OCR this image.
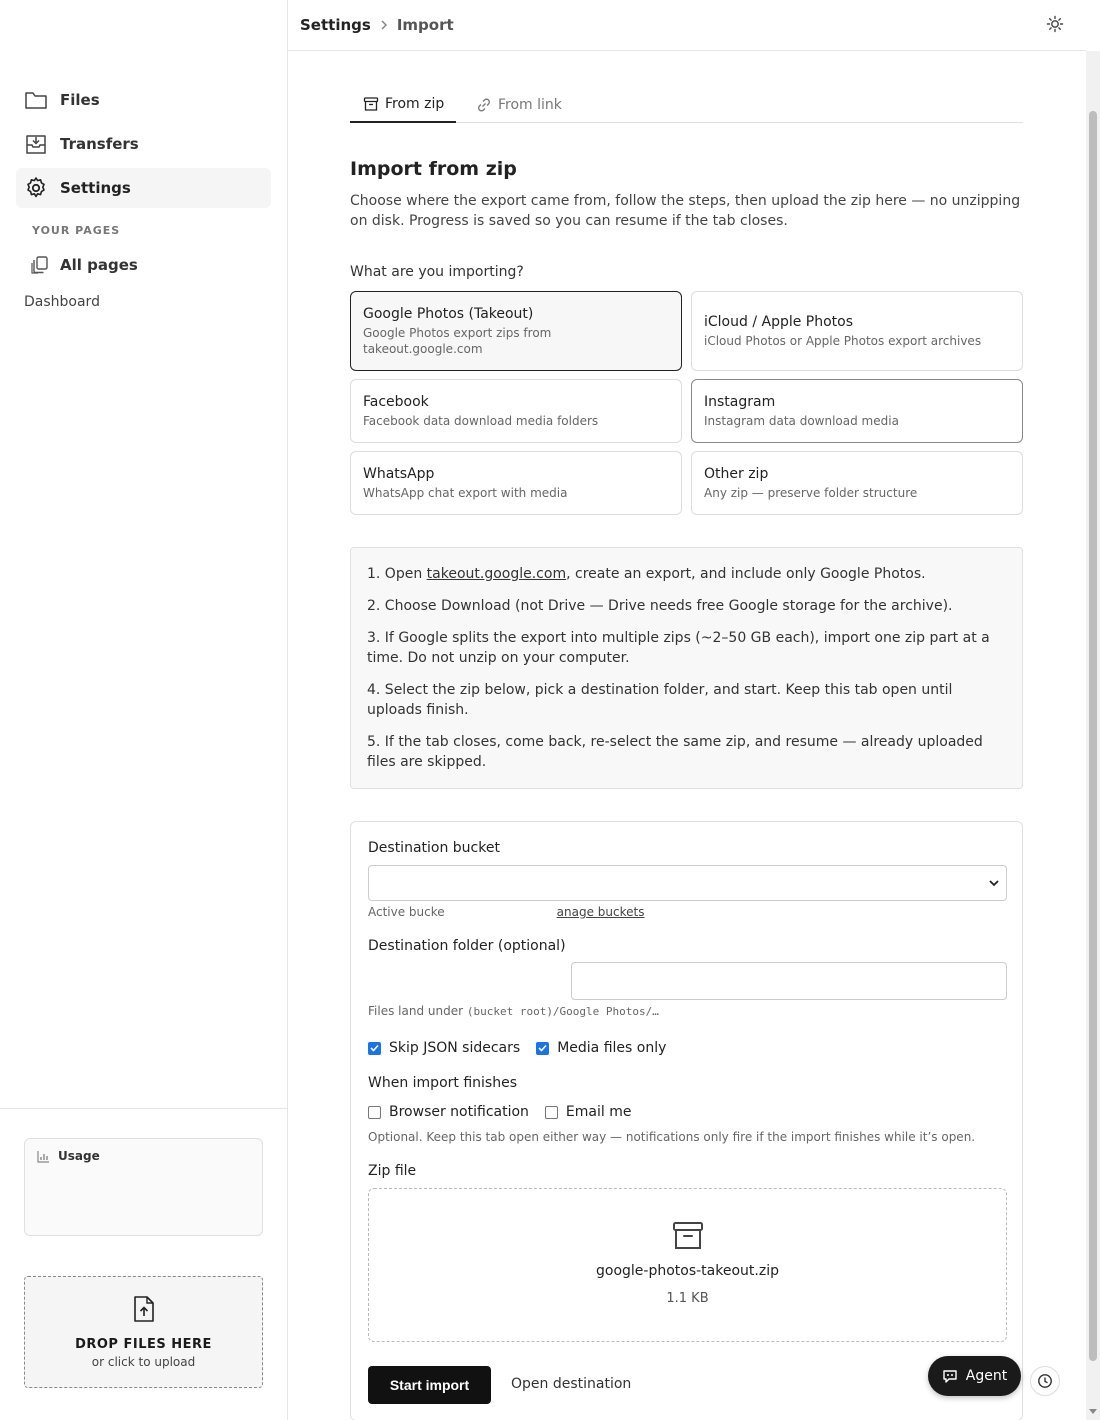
Files
Transfers
Settings
YOUR PAGES
All pages
Dashboard
Usage
DROP FILES HERE
or click to upload
Settings Import
From zip	From link
Import from zip

Choose where the export came from, follow the steps, then upload the zip here — no unzipping on disk. Progress is saved so you can resume if the tab closes.

What are you importing?
Google Photos (Takeout)
Google Photos export zips from takeout.google.com
iCloud / Apple Photos
iCloud Photos or Apple Photos export archives
Facebook
Facebook data download media folders
Instagram
Instagram data download media
WhatsApp
WhatsApp chat export with media
Other zip
Any zip — preserve folder structure
1. Open takeout.google.com, create an export, and include only Google Photos.
2. Choose Download (not Drive — Drive needs free Google storage for the archive).
3. If Google splits the export into multiple zips (~2–50 GB each), import one zip part at a time. Do not unzip on your computer.
4. Select the zip below, pick a destination folder, and start. Keep this tab open until uploads finish.
5. If the tab closes, come back, re-select the same zip, and resume — already uploaded files are skipped.
Destination bucket
Active bucke	anage buckets
Destination folder (optional)
Files land under (bucket root)/Google Photos/…
Skip JSON sidecars	Media files only
When import finishes
Browser notification	Email me
Optional. Keep this tab open either way — notifications only fire if the import finishes while it’s open.
Zip file
google-photos-takeout.zip
1.1 KB
Start import	Open destination	Agent
